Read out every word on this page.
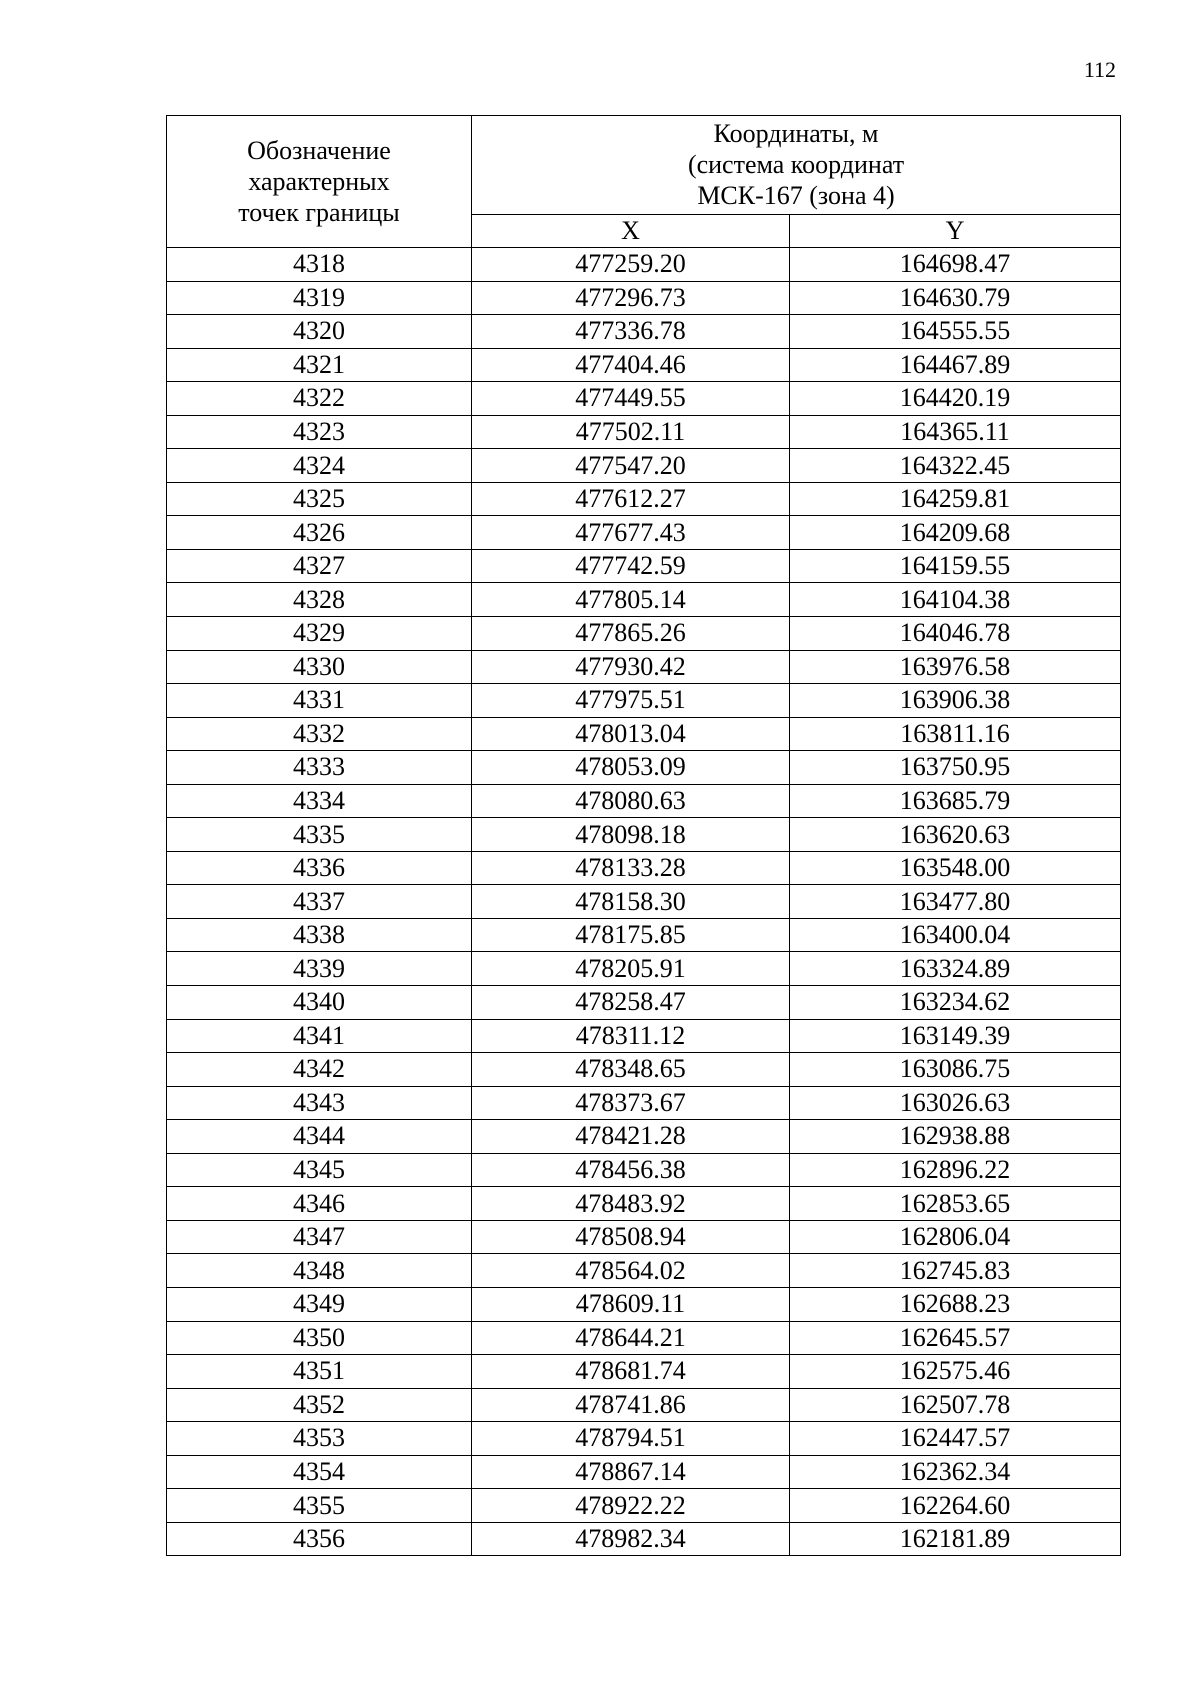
112
Обозначение
характерных
точек границы	Координаты, м
(система координат
МСК-167 (зона 4)	

	X	Y
4318	477259.20	164698.47
4319	477296.73	164630.79
4320	477336.78	164555.55
4321	477404.46	164467.89
4322	477449.55	164420.19
4323	477502.11	164365.11
4324	477547.20	164322.45
4325	477612.27	164259.81
4326	477677.43	164209.68
4327	477742.59	164159.55
4328	477805.14	164104.38
4329	477865.26	164046.78
4330	477930.42	163976.58
4331	477975.51	163906.38
4332	478013.04	163811.16
4333	478053.09	163750.95
4334	478080.63	163685.79
4335	478098.18	163620.63
4336	478133.28	163548.00
4337	478158.30	163477.80
4338	478175.85	163400.04
4339	478205.91	163324.89
4340	478258.47	163234.62
4341	478311.12	163149.39
4342	478348.65	163086.75
4343	478373.67	163026.63
4344	478421.28	162938.88
4345	478456.38	162896.22
4346	478483.92	162853.65
4347	478508.94	162806.04
4348	478564.02	162745.83
4349	478609.11	162688.23
4350	478644.21	162645.57
4351	478681.74	162575.46
4352	478741.86	162507.78
4353	478794.51	162447.57
4354	478867.14	162362.34
4355	478922.22	162264.60
4356	478982.34	162181.89
